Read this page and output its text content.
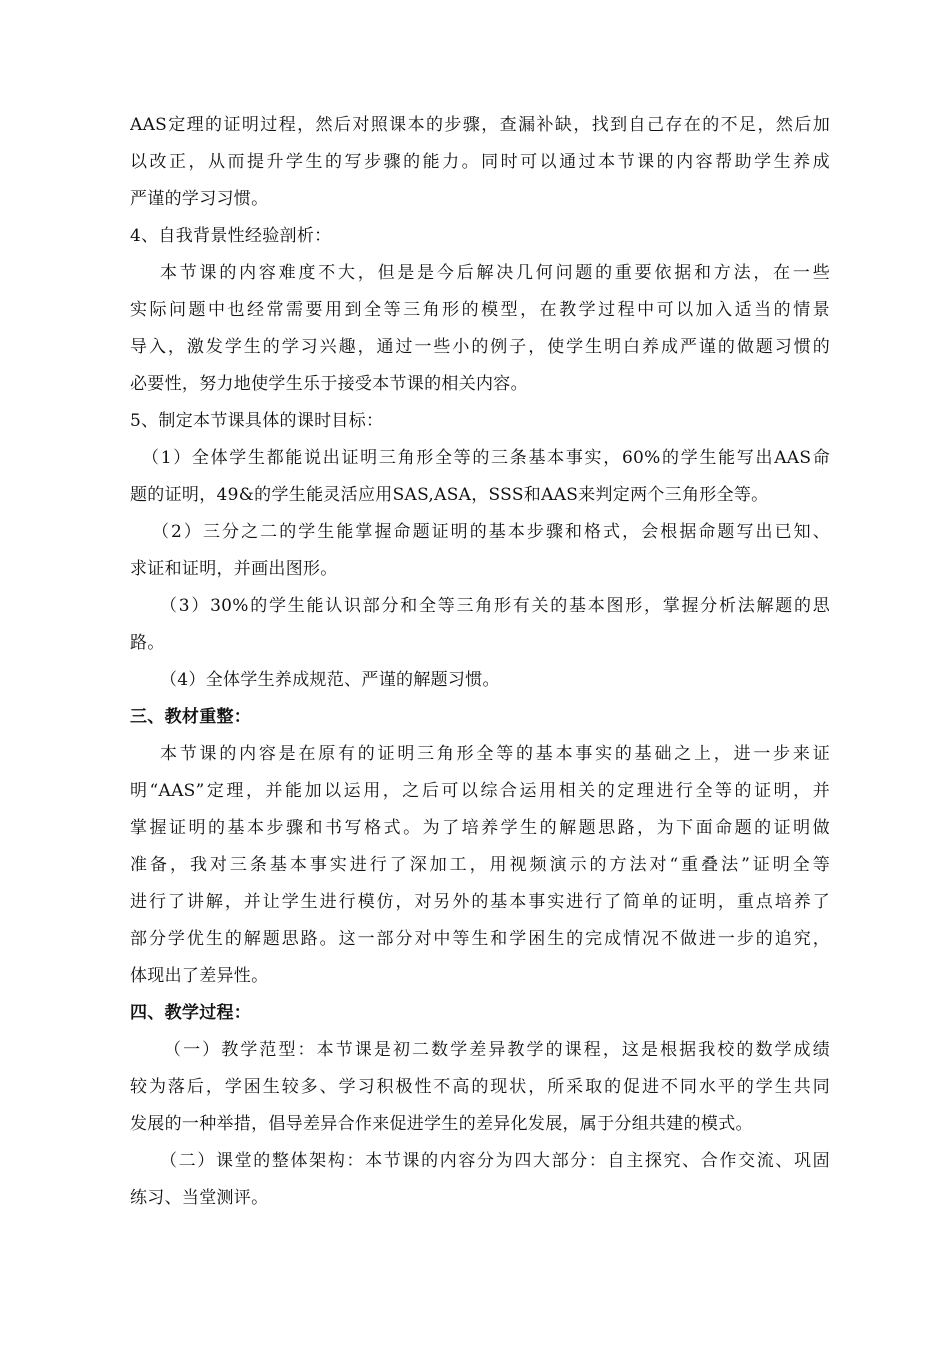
AAS定理的证明过程，然后对照课本的步骤，查漏补缺，找到自己存在的不足，然后加
以改正，从而提升学生的写步骤的能力。同时可以通过本节课的内容帮助学生养成
严谨的学习习惯。
4、自我背景性经验剖析：
本节课的内容难度不大，但是是今后解决几何问题的重要依据和方法，在一些
实际问题中也经常需要用到全等三角形的模型，在教学过程中可以加入适当的情景
导入，激发学生的学习兴趣，通过一些小的例子，使学生明白养成严谨的做题习惯的
必要性，努力地使学生乐于接受本节课的相关内容。
5、制定本节课具体的课时目标：
（1）全体学生都能说出证明三角形全等的三条基本事实，60%的学生能写出AAS命
题的证明，49&的学生能灵活应用SAS,ASA，SSS和AAS来判定两个三角形全等。
（2）三分之二的学生能掌握命题证明的基本步骤和格式，会根据命题写出已知、
求证和证明，并画出图形。
（3）30%的学生能认识部分和全等三角形有关的基本图形，掌握分析法解题的思
路。
（4）全体学生养成规范、严谨的解题习惯。
三、教材重整：
本节课的内容是在原有的证明三角形全等的基本事实的基础之上，进一步来证
明“AAS”定理，并能加以运用，之后可以综合运用相关的定理进行全等的证明，并
掌握证明的基本步骤和书写格式。为了培养学生的解题思路，为下面命题的证明做
准备，我对三条基本事实进行了深加工，用视频演示的方法对“重叠法”证明全等
进行了讲解，并让学生进行模仿，对另外的基本事实进行了简单的证明，重点培养了
部分学优生的解题思路。这一部分对中等生和学困生的完成情况不做进一步的追究，
体现出了差异性。
四、教学过程：
（一）教学范型：本节课是初二数学差异教学的课程，这是根据我校的数学成绩
较为落后，学困生较多、学习积极性不高的现状，所采取的促进不同水平的学生共同
发展的一种举措，倡导差异合作来促进学生的差异化发展，属于分组共建的模式。
（二）课堂的整体架构：本节课的内容分为四大部分：自主探究、合作交流、巩固
练习、当堂测评。
